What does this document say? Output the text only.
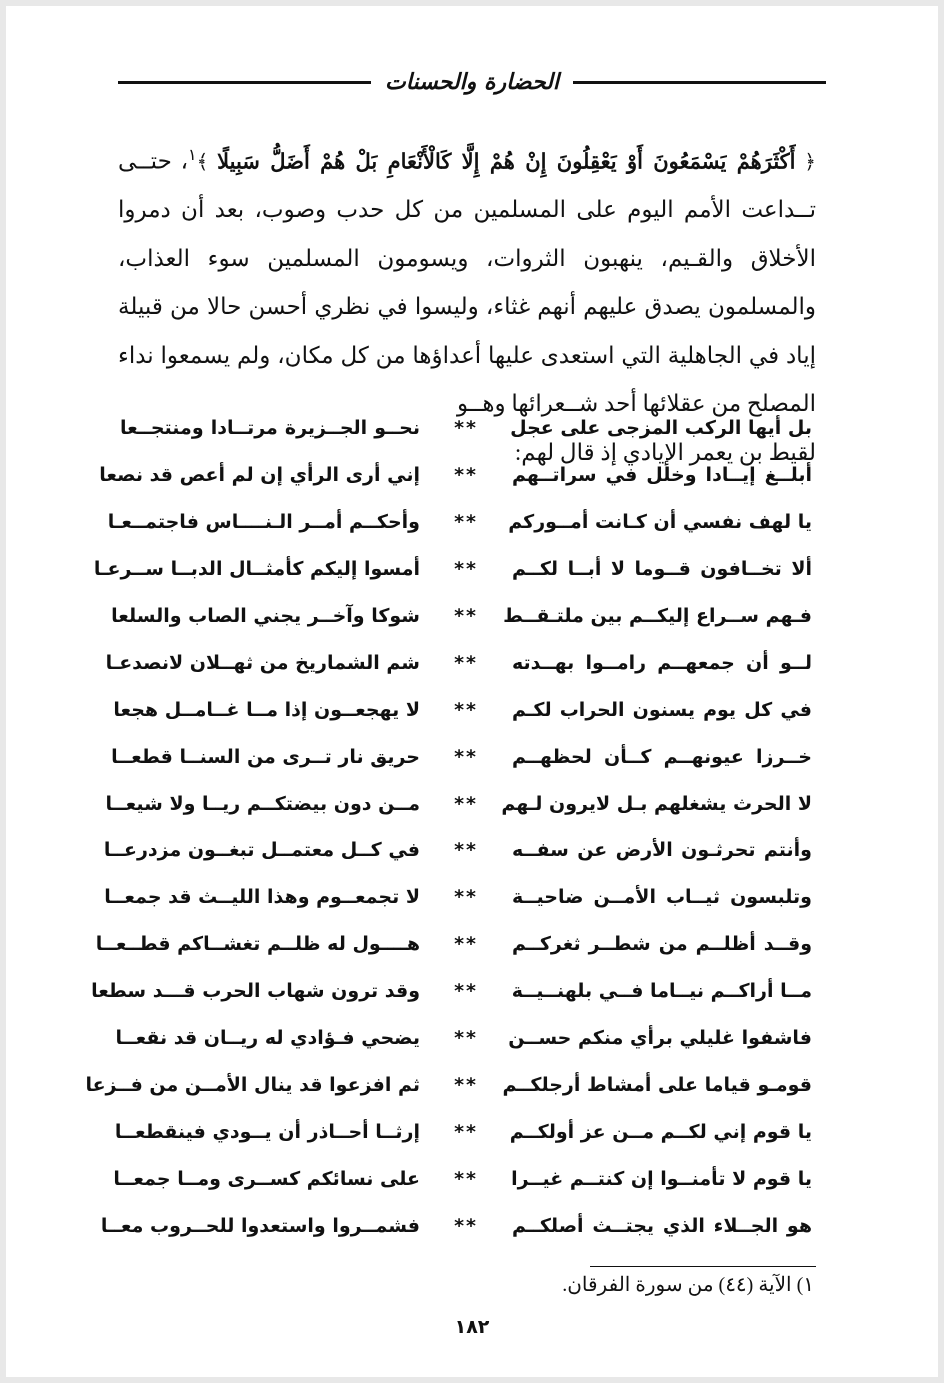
الحضارة والحسنات

﴿ أَكْثَرَهُمْ يَسْمَعُونَ أَوْ يَعْقِلُونَ إِنْ هُمْ إِلَّا كَالْأَنْعَامِ بَلْ هُمْ أَضَلُّ سَبِيلًا ﴾$^١$، حتــى تــداعت الأمم اليوم على المسلمين من كل حدب وصوب، بعد أن دمروا الأخلاق والقـيم، ينهبون الثروات، ويسومون المسلمين سوء العذاب، والمسلمون يصدق عليهم أنهم غثاء، وليسوا في نظري أحسن حالا من قبيلة إياد في الجاهلية التي استعدى عليها أعداؤها من كل مكان، ولم يسمعوا نداء المصلح من عقلائها أحد شــعرائها وهــو

لقيط بن يعمر الإيادي إذ قال لهم:

بل أيها الركب المزجى على عجل
**
نحــو الجــزيرة مرتــادا ومنتجــعا
أبلــغ إيــادا وخلل في سراتــهم
**
إني أرى الرأي إن لم أعص قد نصعا
يا لهف نفسي أن كـانت أمــوركم
**
وأحكــم أمــر الـنــــاس فاجتمــعـا
ألا تخــافون قــوما لا أبــا لكــم
**
أمسوا إليكم كأمثــال الدبــا ســرعـا
فـهم ســراع إليكــم بين ملتـقــط
**
شوكا وآخــر يجني الصاب والسلعا
لــو أن جمعهــم رامــوا بهــدته
**
شم الشماريخ من ثهــلان لانصدعـا
في كل يوم يسنون الحراب لكـم
**
لا يهجعــون إذا مــا غــامــل هجعا
خــرزا عيونهــم كــأن لحظهــم
**
حريق نار تــرى من السنــا قطعــا
لا الحرث يشغلهم بـل لايرون لـهم
**
مــن دون بيضتكــم ريــا ولا شيعــا
وأنتم تحرثـون الأرض عن سفــه
**
في كــل معتمــل تبغــون مزدرعــا
وتلبسون ثيــاب الأمــن ضاحيــة
**
لا تجمعــوم وهذا الليــث قد جمعــا
وقــد أظلــم من شطــر ثغركــم
**
هــــول له ظلــم تغشــاكم قطــعــا
مــا أراكــم نيــاما فــي بلهنــيــة
**
وقد ترون شهاب الحرب قـــد سطعا
فاشفوا غليلي برأي منكم حســن
**
يضحي فـؤادي له ريــان قد نقعــا
قومـو قياما على أمشاط أرجلكــم
**
ثم افزعوا قد ينال الأمــن من فــزعا
يا قوم إني لكــم مــن عز أولكــم
**
إرثــا أحــاذر أن يــودي فينقطعــا
يا قوم لا تأمنــوا إن كنتــم غيــرا
**
على نسائكم كســرى ومــا جمعــا
هو الجــلاء الذي يجتــث أصلكــم
**
فشمــروا واستعدوا للحــروب معــا
١) الآية (٤٤) من سورة الفرقان.
١٨٢
